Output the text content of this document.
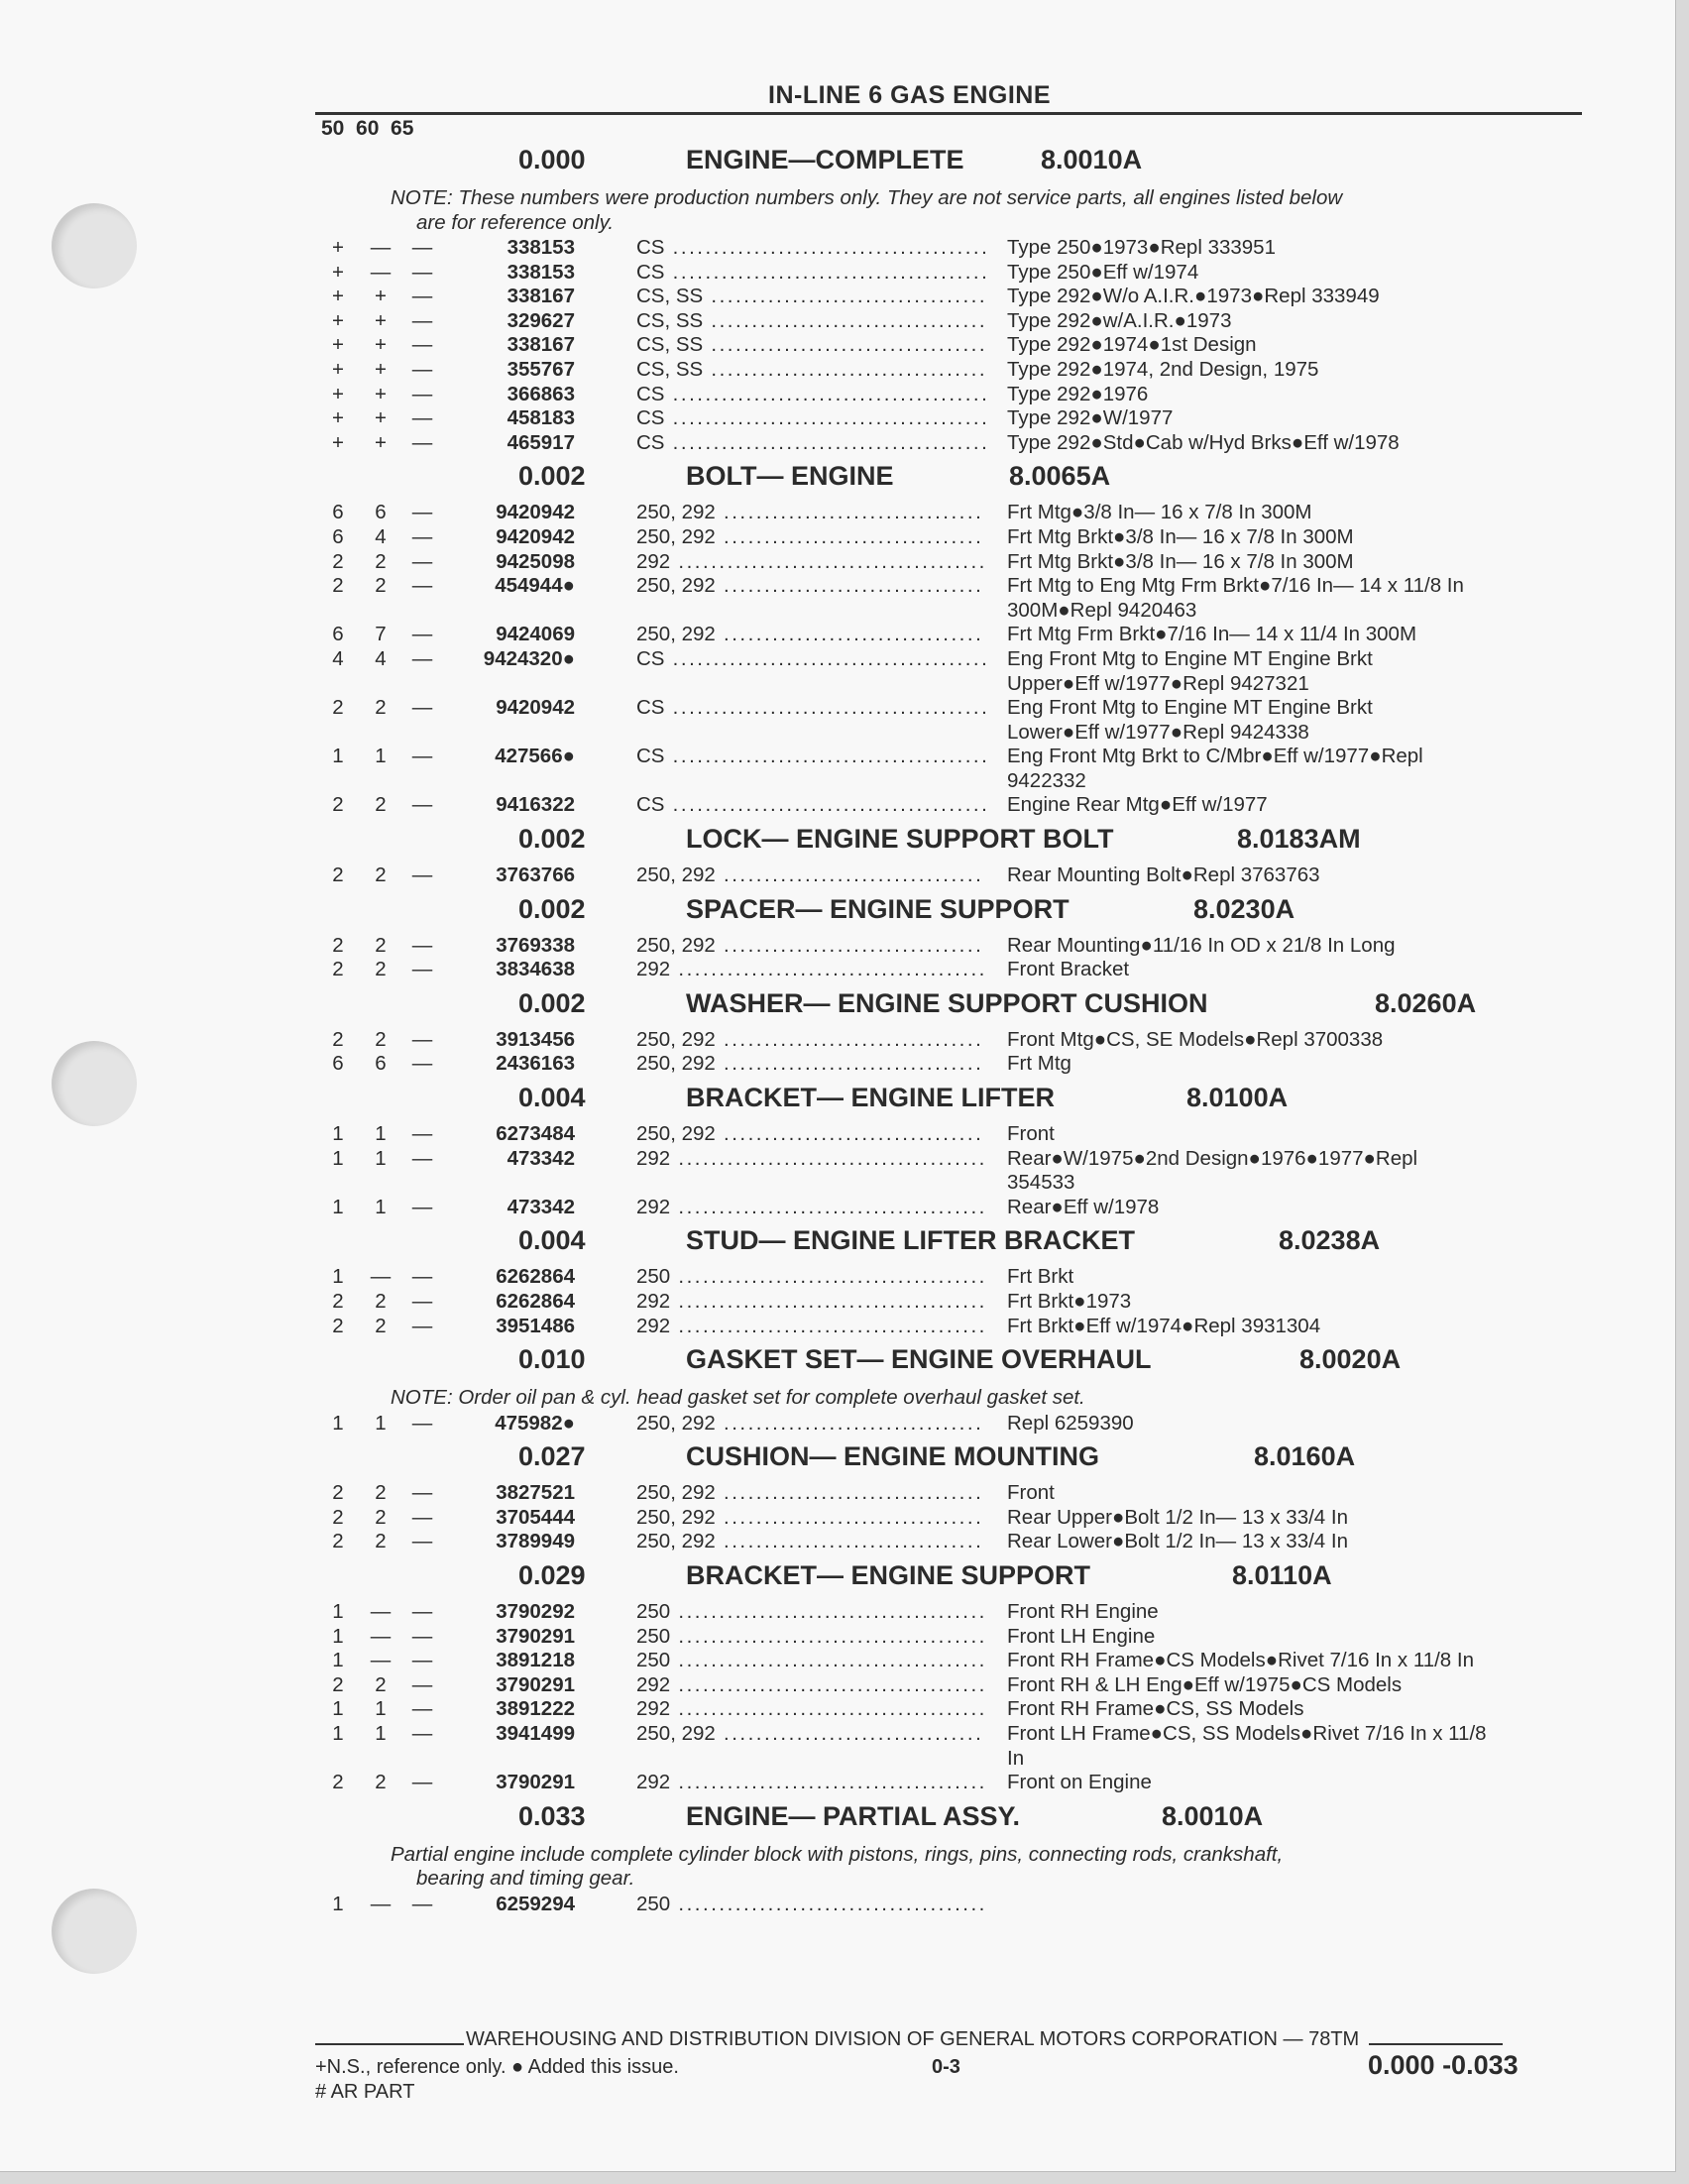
IN-LINE 6 GAS ENGINE
50  60  65
0.000	ENGINE—COMPLETE	8.0010A
NOTE: These numbers were production numbers only. They are not service parts, all engines listed below
are for reference only.
+ — —	338153	CS .....	Type 250●1973●Repl 333951
+ — —	338153	CS .....	Type 250●Eff w/1974
+ + —	338167	CS, SS .....	Type 292●W/o A.I.R.●1973●Repl 333949
+ + —	329627	CS, SS .....	Type 292●w/A.I.R.●1973
+ + —	338167	CS, SS .....	Type 292●1974●1st Design
+ + —	355767	CS, SS .....	Type 292●1974, 2nd Design, 1975
+ + —	366863	CS .....	Type 292●1976
+ + —	458183	CS .....	Type 292●W/1977
+ + —	465917	CS .....	Type 292●Std●Cab w/Hyd Brks●Eff w/1978
0.002	BOLT— ENGINE	8.0065A
6 6 —	9420942	250, 292 .....	Frt Mtg●3/8 In— 16 x 7/8 In 300M
6 4 —	9420942	250, 292 .....	Frt Mtg Brkt●3/8 In— 16 x 7/8 In 300M
2 2 —	9425098	292 .....	Frt Mtg Brkt●3/8 In— 16 x 7/8 In 300M
2 2 —	454944●	250, 292 .....	Frt Mtg to Eng Mtg Frm Brkt●7/16 In— 14 x 11/8 In
300M●Repl 9420463
6 7 —	9424069	250, 292 .....	Frt Mtg Frm Brkt●7/16 In— 14 x 11/4 In 300M
4 4 —	9424320●	CS .....	Eng Front Mtg to Engine MT Engine Brkt
Upper●Eff w/1977●Repl 9427321
2 2 —	9420942	CS .....	Eng Front Mtg to Engine MT Engine Brkt
Lower●Eff w/1977●Repl 9424338
1 1 —	427566●	CS .....	Eng Front Mtg Brkt to C/Mbr●Eff w/1977●Repl
9422332
2 2 —	9416322	CS .....	Engine Rear Mtg●Eff w/1977
0.002	LOCK— ENGINE SUPPORT BOLT	8.0183AM
2 2 —	3763766	250, 292 .....	Rear Mounting Bolt●Repl 3763763
0.002	SPACER— ENGINE SUPPORT	8.0230A
2 2 —	3769338	250, 292 .....	Rear Mounting●11/16 In OD x 21/8 In Long
2 2 —	3834638	292 .....	Front Bracket
0.002	WASHER— ENGINE SUPPORT CUSHION	8.0260A
2 2 —	3913456	250, 292 .....	Front Mtg●CS, SE Models●Repl 3700338
6 6 —	2436163	250, 292 .....	Frt Mtg
0.004	BRACKET— ENGINE LIFTER	8.0100A
1 1 —	6273484	250, 292 .....	Front
1 1 —	473342	292 .....	Rear●W/1975●2nd Design●1976●1977●Repl
354533
1 1 —	473342	292 .....	Rear●Eff w/1978
0.004	STUD— ENGINE LIFTER BRACKET	8.0238A
1 — —	6262864	250 .....	Frt Brkt
2 2 —	6262864	292 .....	Frt Brkt●1973
2 2 —	3951486	292 .....	Frt Brkt●Eff w/1974●Repl 3931304
0.010	GASKET SET— ENGINE OVERHAUL	8.0020A
NOTE: Order oil pan & cyl. head gasket set for complete overhaul gasket set.
1 1 —	475982●	250, 292 .....	Repl 6259390
0.027	CUSHION— ENGINE MOUNTING	8.0160A
2 2 —	3827521	250, 292 .....	Front
2 2 —	3705444	250, 292 .....	Rear Upper●Bolt 1/2 In— 13 x 33/4 In
2 2 —	3789949	250, 292 .....	Rear Lower●Bolt 1/2 In— 13 x 33/4 In
0.029	BRACKET— ENGINE SUPPORT	8.0110A
1 — —	3790292	250 .....	Front RH Engine
1 — —	3790291	250 .....	Front LH Engine
1 — —	3891218	250 .....	Front RH Frame●CS Models●Rivet 7/16 In x 11/8 In
2 2 —	3790291	292 .....	Front RH & LH Eng●Eff w/1975●CS Models
1 1 —	3891222	292 .....	Front RH Frame●CS, SS Models
1 1 —	3941499	250, 292 .....	Front LH Frame●CS, SS Models●Rivet 7/16 In x 11/8
In
2 2 —	3790291	292 .....	Front on Engine
0.033	ENGINE— PARTIAL ASSY.	8.0010A
Partial engine include complete cylinder block with pistons, rings, pins, connecting rods, crankshaft,
bearing and timing gear.
1 — —	6259294	250 .....

WAREHOUSING AND DISTRIBUTION DIVISION OF GENERAL MOTORS CORPORATION — 78TM
+N.S., reference only. ● Added this issue.
# AR PART
0-3	0.000 -0.033
